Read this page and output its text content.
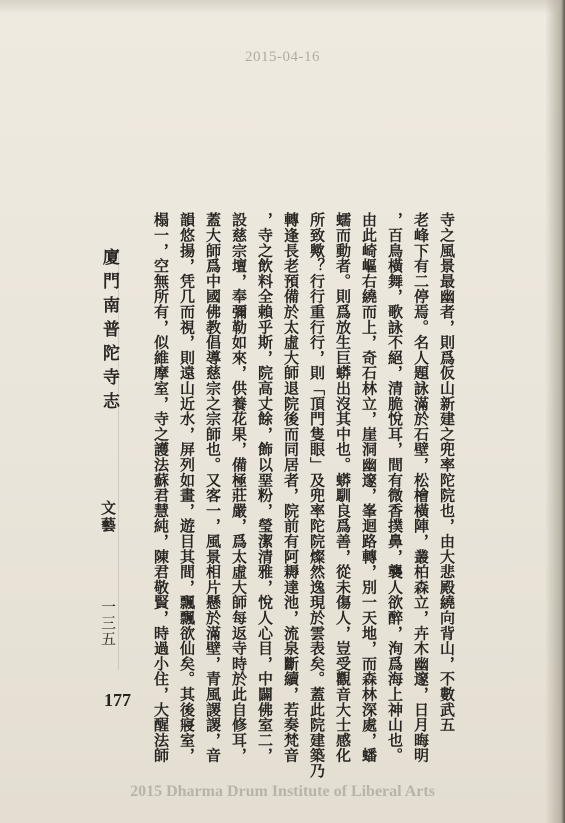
2015-04-16
寺之風景最幽者，則爲仮山新建之兜率陀院也，由大悲殿繞向背山，不數武五
老峰下有二停焉。名人題詠滿於石壁，松檜橫陣，叢柏森立，卉木幽邃，日月晦明
，百鳥橫舞，歌詠不絕，清脆悅耳，間有微香撲鼻，襲人欲醉，洵爲海上神山也。
由此崎嶇右繞而上，奇石林立，崖洞幽邃，峯迴路轉，別一天地，而森林深處，蟠
蠕而動者。則爲放生巨蟒出沒其中也。蟒馴良爲善，從未傷人，豈受觀音大士感化
所致歟？行行重行行，則「頂門隻眼」及兜率陀院燦然逸現於雲表矣。蓋此院建築乃
轉逢長老預備於太虛大師退院後而同居者，院前有阿耨達池，流泉斷續，若奏梵音
，寺之飲料全賴乎斯，院高丈餘，飾以堊粉，瑩潔清雅，悅人心目，中闢佛室二，
設慈宗壇，奉彌勒如來，供養花果，備極莊嚴，爲太虛大師每返寺時於此自修耳，
蓋大師爲中國佛教倡導慈宗之宗師也。又客一，風景相片懸於滿壁，青風謖謖，音
韻悠揚，凭几而視，則遠山近水，屏列如畫，遊目其間，飄飄欲仙矣。其後寢室，
榻一，空無所有，似維摩室，寺之護法蘇君慧純，陳君敬賢，時過小住，大醒法師
廈門南普陀寺志
文藝
一三五
177
2015 Dharma Drum Institute of Liberal Arts
